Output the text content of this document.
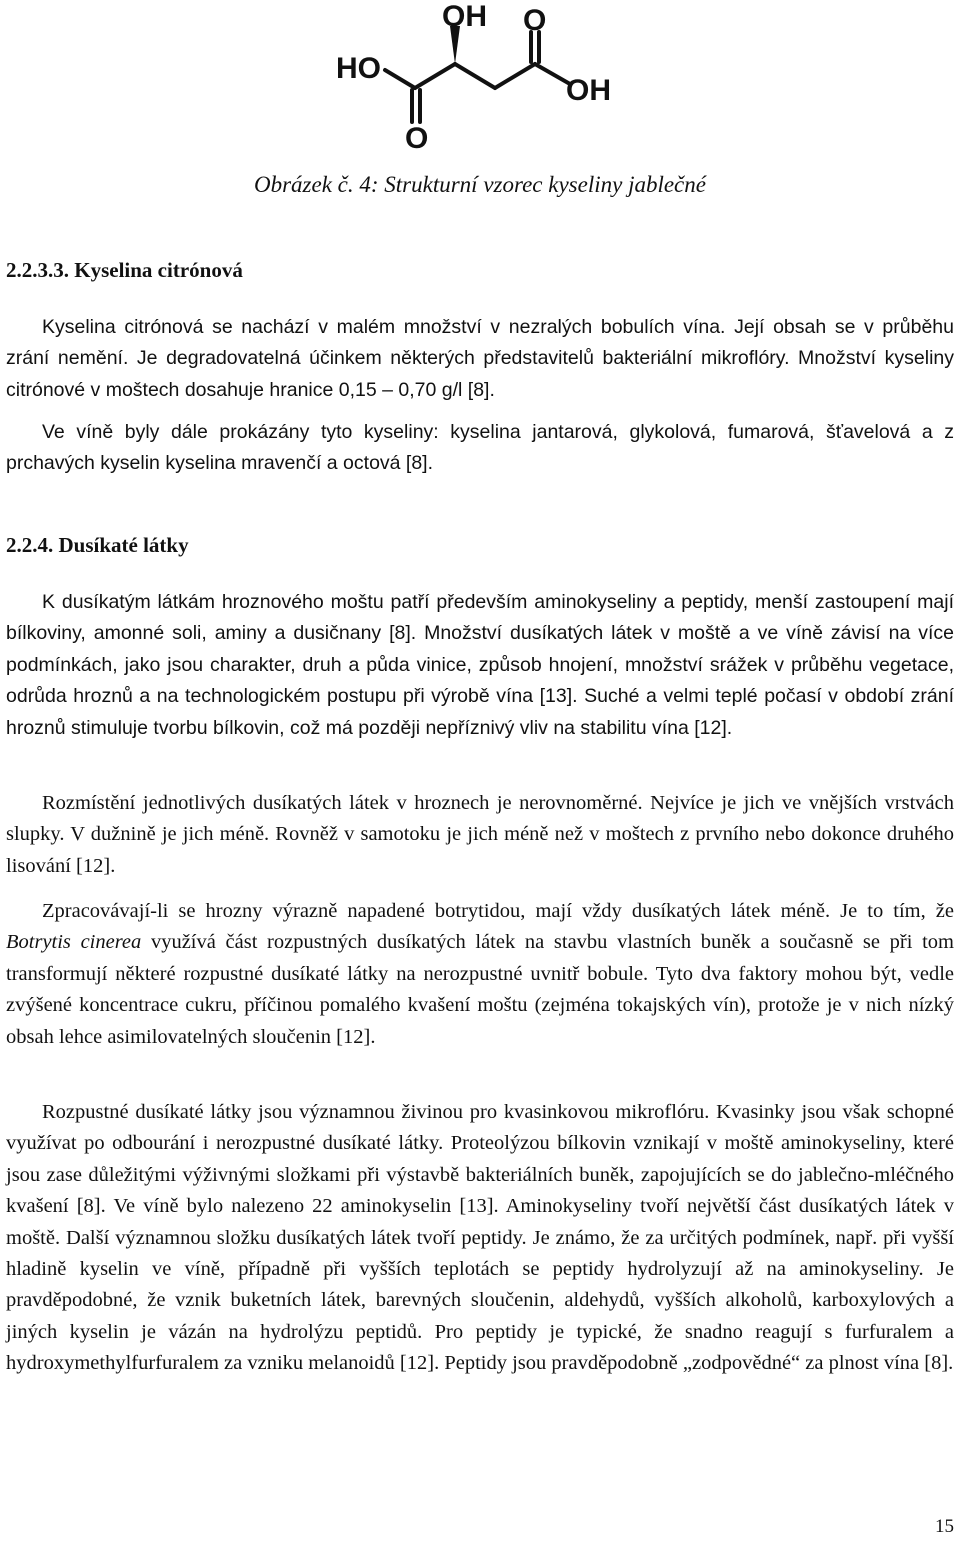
OH
HO
OH
O
O
Obrázek č. 4: Strukturní vzorec kyseliny jablečné
2.2.3.3. Kyselina citrónová

Kyselina citrónová se nachází v malém množství v nezralých bobulích vína. Její obsah se v průběhu zrání nemění. Je degradovatelná účinkem některých představitelů bakteriální mikroflóry. Množství kyseliny citrónové v moštech dosahuje hranice 0,15 – 0,70 g/l [8].

Ve víně byly dále prokázány tyto kyseliny: kyselina jantarová, glykolová, fumarová, šťavelová a z prchavých kyselin kyselina mravenčí a octová [8].

2.2.4. Dusíkaté látky

K dusíkatým látkám hroznového moštu patří především aminokyseliny a peptidy, menší zastoupení mají bílkoviny, amonné soli, aminy a dusičnany [8]. Množství dusíkatých látek v moště a ve víně závisí na více podmínkách, jako jsou charakter, druh a půda vinice, způsob hnojení, množství srážek v průběhu vegetace, odrůda hroznů a na technologickém postupu při výrobě vína [13]. Suché a velmi teplé počasí v období zrání hroznů stimuluje tvorbu bílkovin, což má později nepříznivý vliv na stabilitu vína [12].

Rozmístění jednotlivých dusíkatých látek v hroznech je nerovnoměrné. Nejvíce je jich ve vnějších vrstvách slupky. V dužnině je jich méně. Rovněž v samotoku je jich méně než v moštech z prvního nebo dokonce druhého lisování [12].

Zpracovávají-li se hrozny výrazně napadené botrytidou, mají vždy dusíkatých látek méně. Je to tím, že Botrytis cinerea využívá část rozpustných dusíkatých látek na stavbu vlastních buněk a současně se při tom transformují některé rozpustné dusíkaté látky na nerozpustné uvnitř bobule. Tyto dva faktory mohou být, vedle zvýšené koncentrace cukru, příčinou pomalého kvašení moštu (zejména tokajských vín), protože je v nich nízký obsah lehce asimilovatelných sloučenin [12].

Rozpustné dusíkaté látky jsou významnou živinou pro kvasinkovou mikroflóru. Kvasinky jsou však schopné využívat po odbourání i nerozpustné dusíkaté látky. Proteolýzou bílkovin vznikají v moště aminokyseliny, které jsou zase důležitými výživnými složkami při výstavbě bakteriálních buněk, zapojujících se do jablečno-mléčného kvašení [8]. Ve víně bylo nalezeno 22 aminokyselin [13]. Aminokyseliny tvoří největší část dusíkatých látek v moště. Další významnou složku dusíkatých látek tvoří peptidy. Je známo, že za určitých podmínek, např. při vyšší hladině kyselin ve víně, případně při vyšších teplotách se peptidy hydrolyzují až na aminokyseliny. Je pravděpodobné, že vznik buketních látek, barevných sloučenin, aldehydů, vyšších alkoholů, karboxylových a jiných kyselin je vázán na hydrolýzu peptidů. Pro peptidy je typické, že snadno reagují s furfuralem a hydroxymethylfurfuralem za vzniku melanoidů [12]. Peptidy jsou pravděpodobně „zodpovědné“ za plnost vína [8].

15
